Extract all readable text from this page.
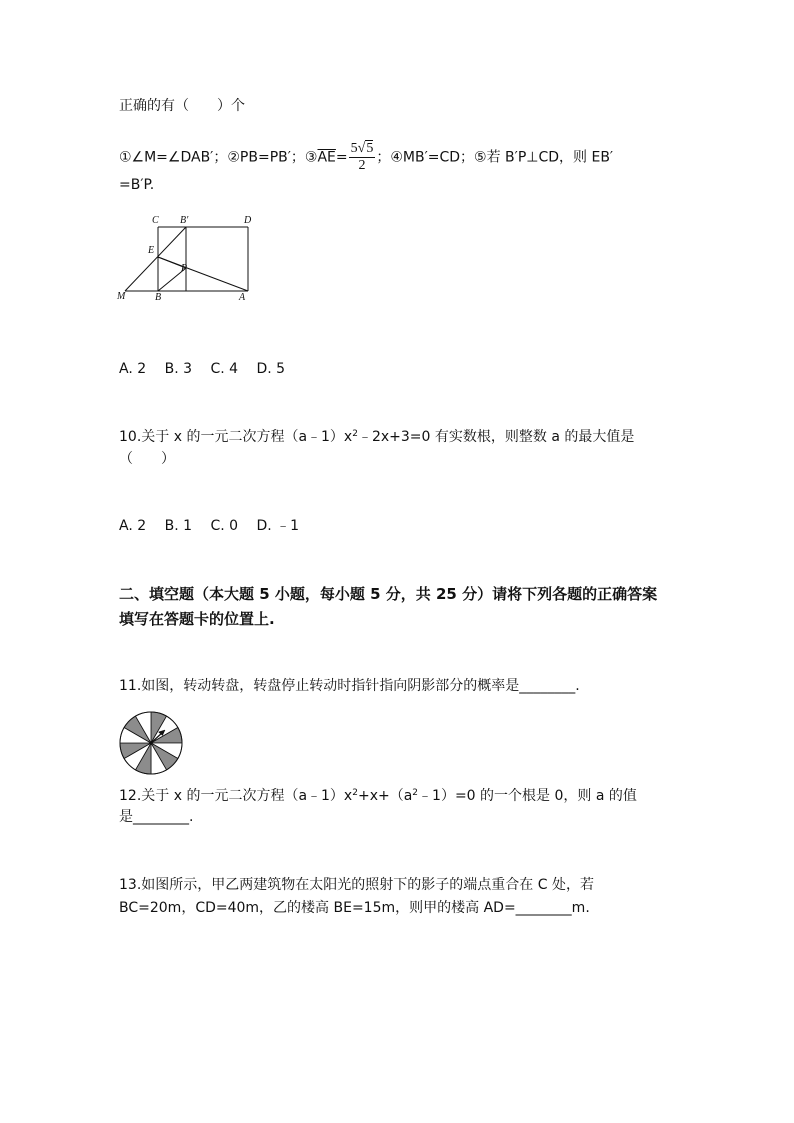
正确的有（　　）个
①∠M=∠DAB′；②PB=PB′；$③\overline{AE}= \frac{5√5}{2}$ ；④MB′=CD；⑤若 B′P⊥CD，则 EB′
=B′P.
C B′	D
E
P
M	B	A
A. 2　 B. 3　 C. 4　 D. 5
10.关于 x 的一元二次方程$(a﹣1)x^2﹣2x+3=0$ 有实数根，则整数 a 的最大值是
（　　）
A. 2　 B. 1　 C. 0　 D. ﹣1
二、填空题（本大题 5 小题，每小题 5 分，共 25 分）请将下列各题的正确答案
填写在答题卡的位置上.
11.如图，转动转盘，转盘停止转动时指针指向阴影部分的概率是________.
12.关于 x 的一元二次方程$(a﹣1)x^2+x+(a^2﹣1)=0$ 的一个根是 0，则 a 的值
是________.
13.如图所示，甲乙两建筑物在太阳光的照射下的影子的端点重合在 C 处，若
BC=20m，CD=40m，乙的楼高 BE=15m，则甲的楼高 AD=________m.
